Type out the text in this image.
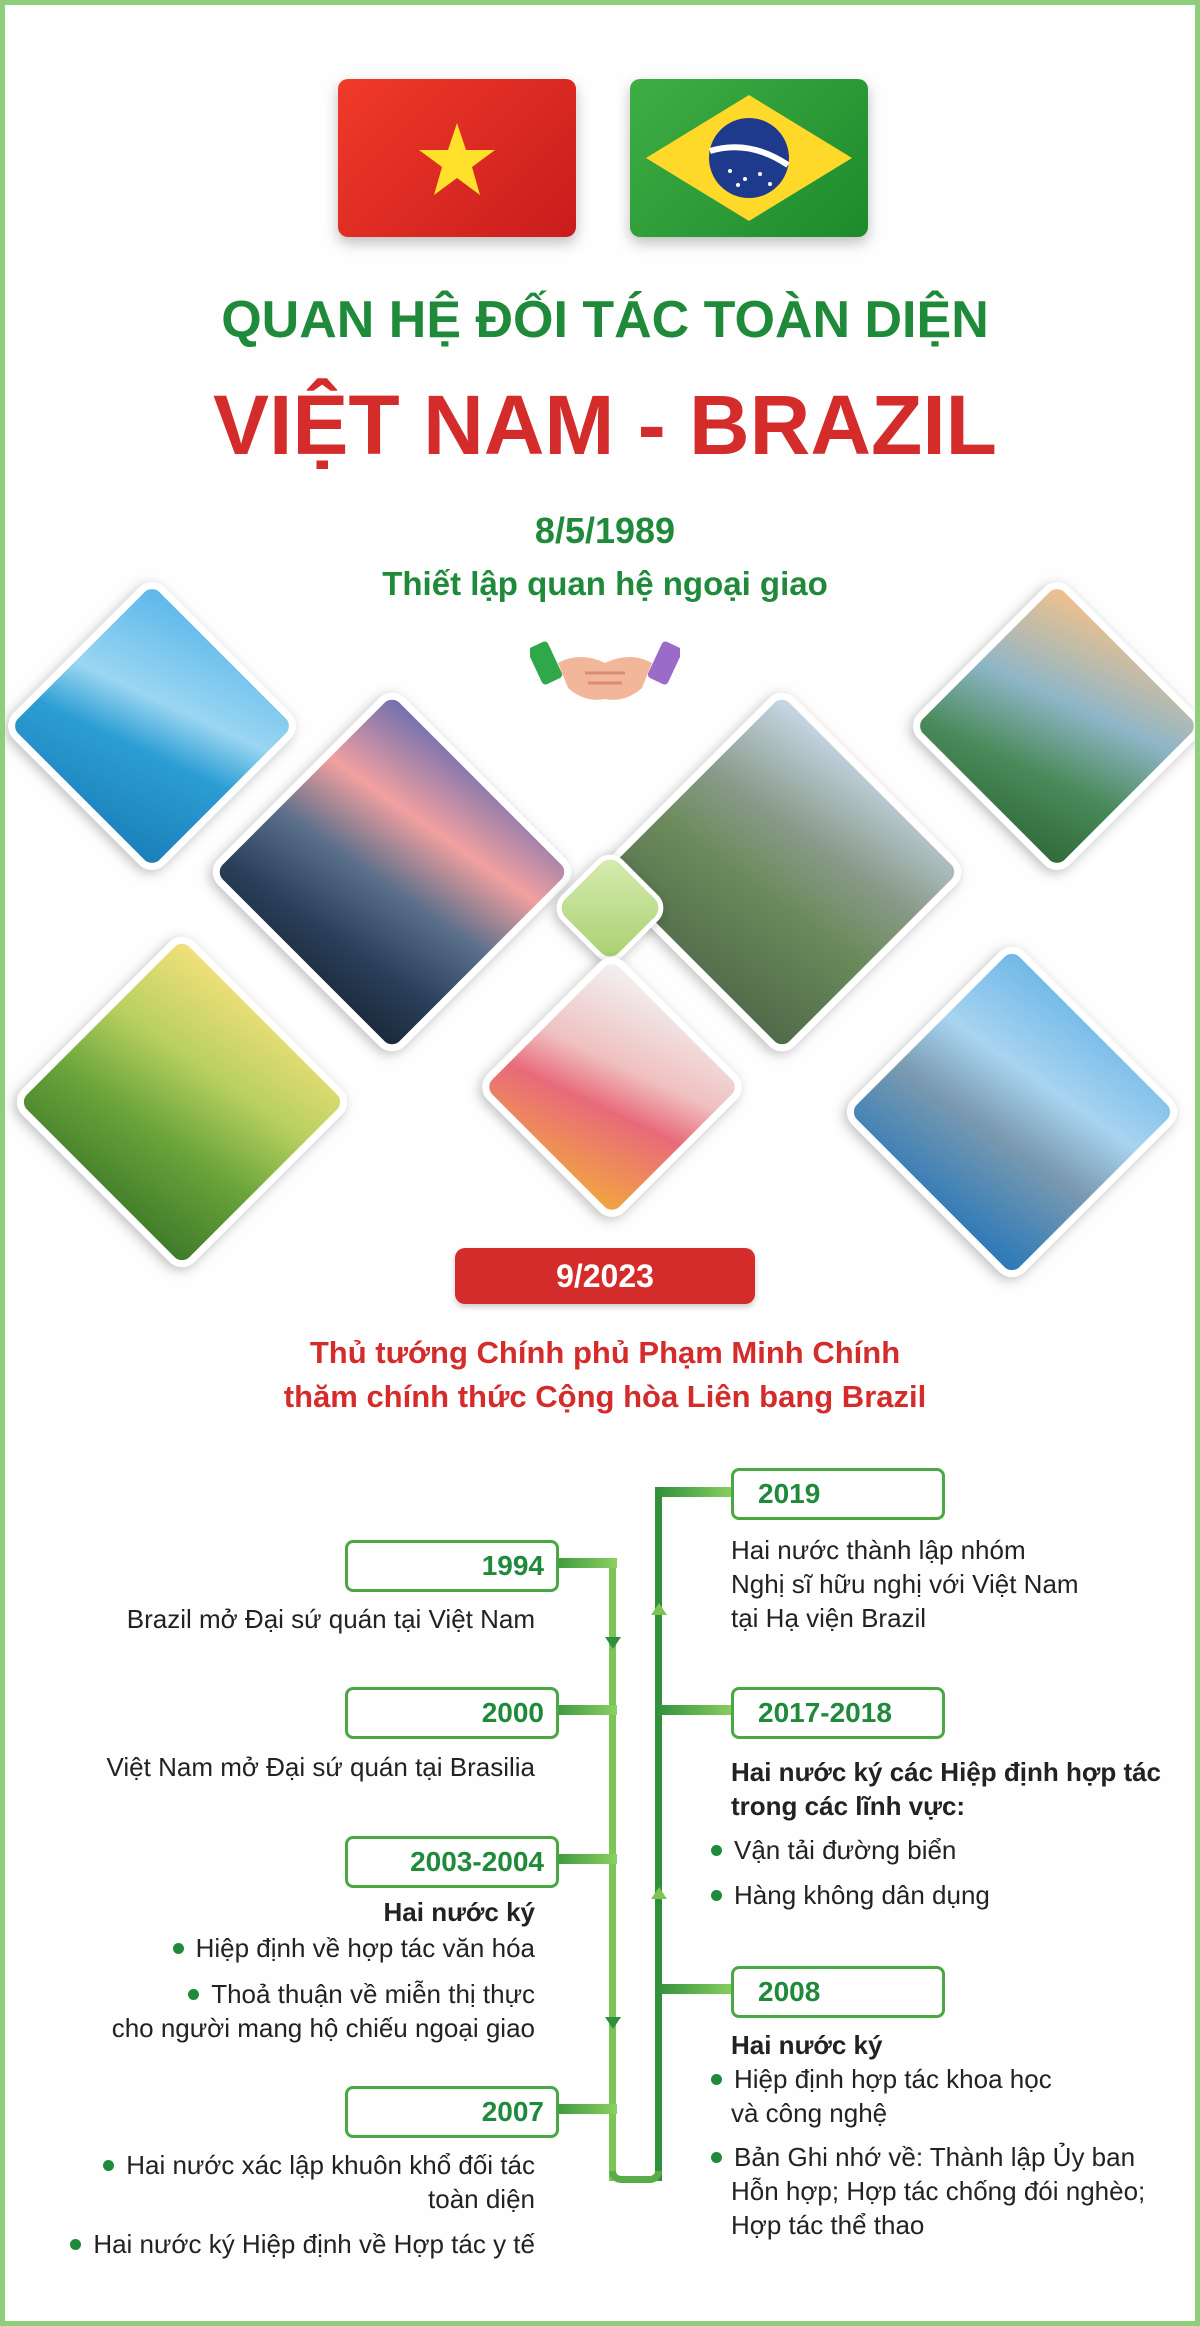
QUAN HỆ ĐỐI TÁC TOÀN DIỆN
VIỆT NAM - BRAZIL
8/5/1989
Thiết lập quan hệ ngoại giao
9/2023
Thủ tướng Chính phủ Phạm Minh Chính
thăm chính thức Cộng hòa Liên bang Brazil
1994
Brazil mở Đại sứ quán tại Việt Nam
2000
Việt Nam mở Đại sứ quán tại Brasilia
2003-2004
Hai nước ký
Hiệp định về hợp tác văn hóa
Thoả thuận về miễn thị thực
cho người mang hộ chiếu ngoại giao
2007
Hai nước xác lập khuôn khổ đối tác
toàn diện
Hai nước ký Hiệp định về Hợp tác y tế
2019
Hai nước thành lập nhóm
Nghị sĩ hữu nghị với Việt Nam
tại Hạ viện Brazil
2017-2018
Hai nước ký các Hiệp định hợp tác
trong các lĩnh vực:
Vận tải đường biển
Hàng không dân dụng
2008
Hai nước ký
Hiệp định hợp tác khoa học
và công nghệ
Bản Ghi nhớ về: Thành lập Ủy ban
Hỗn hợp; Hợp tác chống đói nghèo;
Hợp tác thể thao
